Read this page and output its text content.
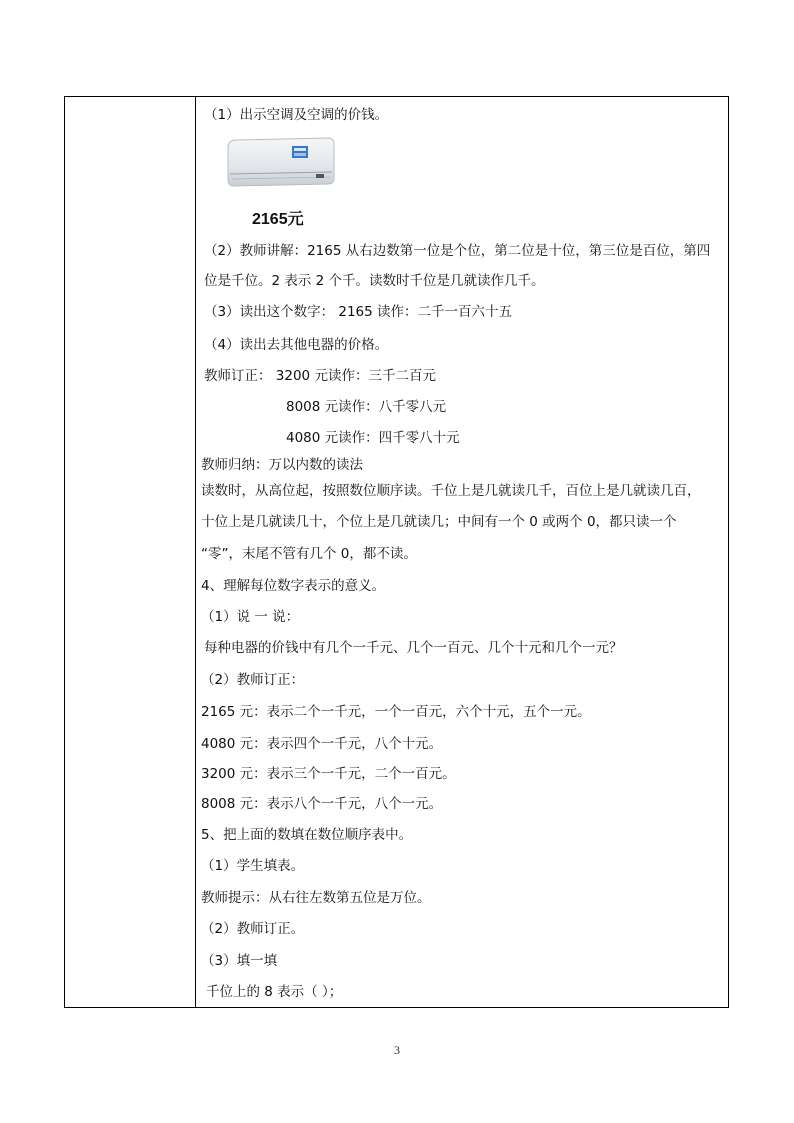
（1）出示空调及空调的价钱。
2165元
（2）教师讲解：2165 从右边数第一位是个位，第二位是十位，第三位是百位，第四
位是千位。2 表示 2 个千。读数时千位是几就读作几千。
（3）读出这个数字： 2165 读作：二千一百六十五
（4）读出去其他电器的价格。
教师订正： 3200 元读作：三千二百元
8008 元读作：八千零八元
4080 元读作：四千零八十元
教师归纳：万以内数的读法
读数时，从高位起，按照数位顺序读。千位上是几就读几千，百位上是几就读几百，
十位上是几就读几十，个位上是几就读几；中间有一个 0 或两个 0，都只读一个
“零”，末尾不管有几个 0，都不读。
4、理解每位数字表示的意义。
（1）说 一 说：
每种电器的价钱中有几个一千元、几个一百元、几个十元和几个一元？
（2）教师订正：
2165 元：表示二个一千元，一个一百元，六个十元，五个一元。
4080 元：表示四个一千元，八个十元。
3200 元：表示三个一千元，二个一百元。
8008 元：表示八个一千元，八个一元。
5、把上面的数填在数位顺序表中。
（1）学生填表。
教师提示：从右往左数第五位是万位。
（2）教师订正。
（3）填一填
千位上的 8 表示（ ）；
3
